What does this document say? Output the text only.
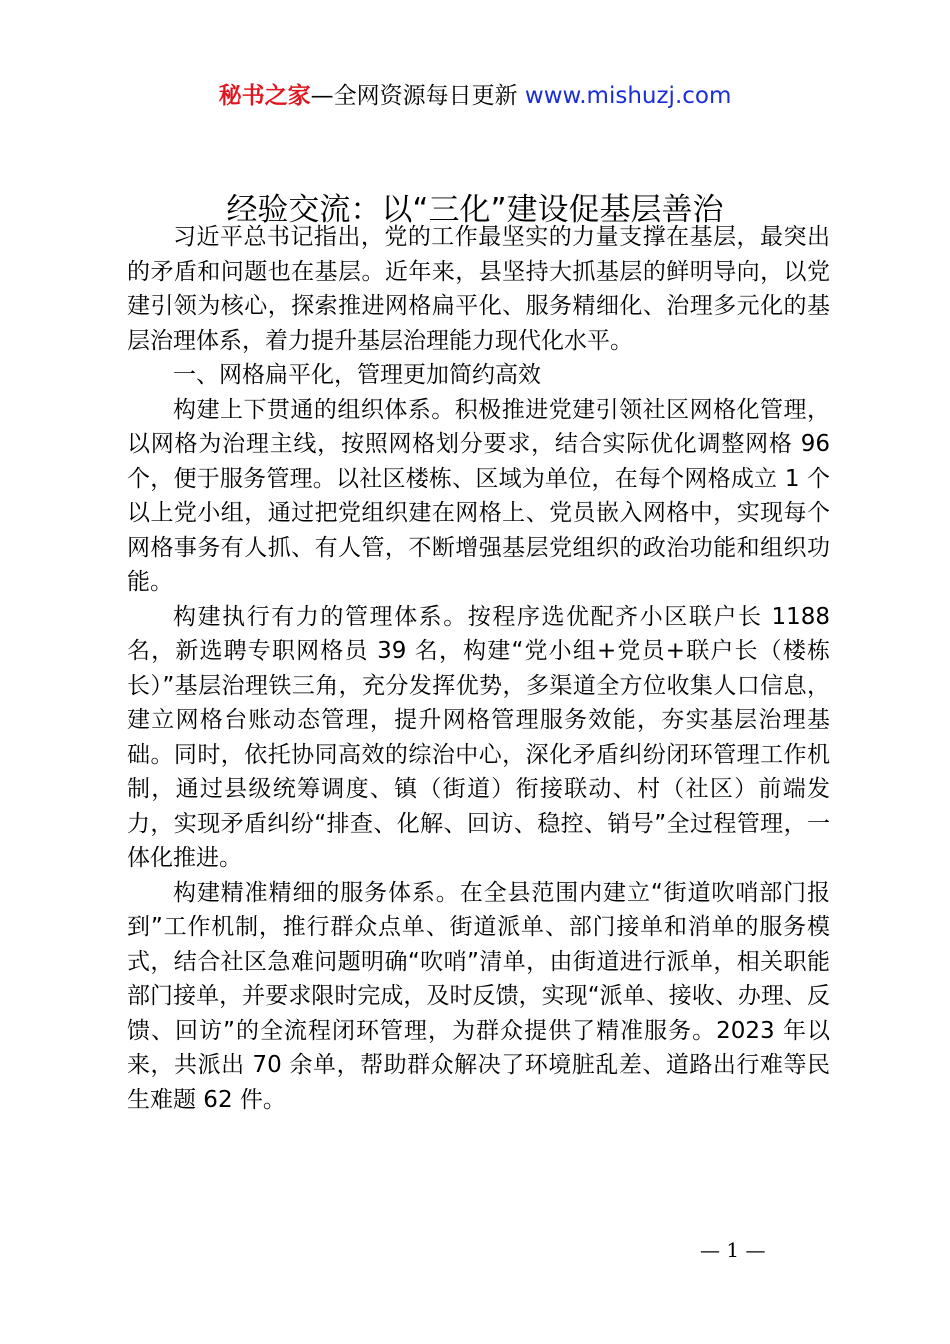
秘书之家—全网资源每日更新 www.mishuzj.com
经验交流：以“三化”建设促基层善治

习近平总书记指出，党的工作最坚实的力量支撑在基层，最突出的矛盾和问题也在基层。近年来，县坚持大抓基层的鲜明导向，以党建引领为核心，探索推进网格扁平化、服务精细化、治理多元化的基层治理体系，着力提升基层治理能力现代化水平。

一、网格扁平化，管理更加简约高效

构建上下贯通的组织体系。积极推进党建引领社区网格化管理，以网格为治理主线，按照网格划分要求，结合实际优化调整网格 96 个，便于服务管理。以社区楼栋、区域为单位，在每个网格成立 1 个以上党小组，通过把党组织建在网格上、党员嵌入网格中，实现每个网格事务有人抓、有人管，不断增强基层党组织的政治功能和组织功能。

构建执行有力的管理体系。按程序选优配齐小区联户长 1188 名，新选聘专职网格员 39 名，构建“党小组+党员+联户长（楼栋长）”基层治理铁三角，充分发挥优势，多渠道全方位收集人口信息，建立网格台账动态管理，提升网格管理服务效能，夯实基层治理基础。同时，依托协同高效的综治中心，深化矛盾纠纷闭环管理工作机制，通过县级统筹调度、镇（街道）衔接联动、村（社区）前端发力，实现矛盾纠纷“排查、化解、回访、稳控、销号”全过程管理，一体化推进。

构建精准精细的服务体系。在全县范围内建立“街道吹哨部门报到”工作机制，推行群众点单、街道派单、部门接单和消单的服务模式，结合社区急难问题明确“吹哨”清单，由街道进行派单，相关职能部门接单，并要求限时完成，及时反馈，实现“派单、接收、办理、反馈、回访”的全流程闭环管理，为群众提供了精准服务。2023 年以来，共派出 70 余单，帮助群众解决了环境脏乱差、道路出行难等民生难题 62 件。

— 1 —
